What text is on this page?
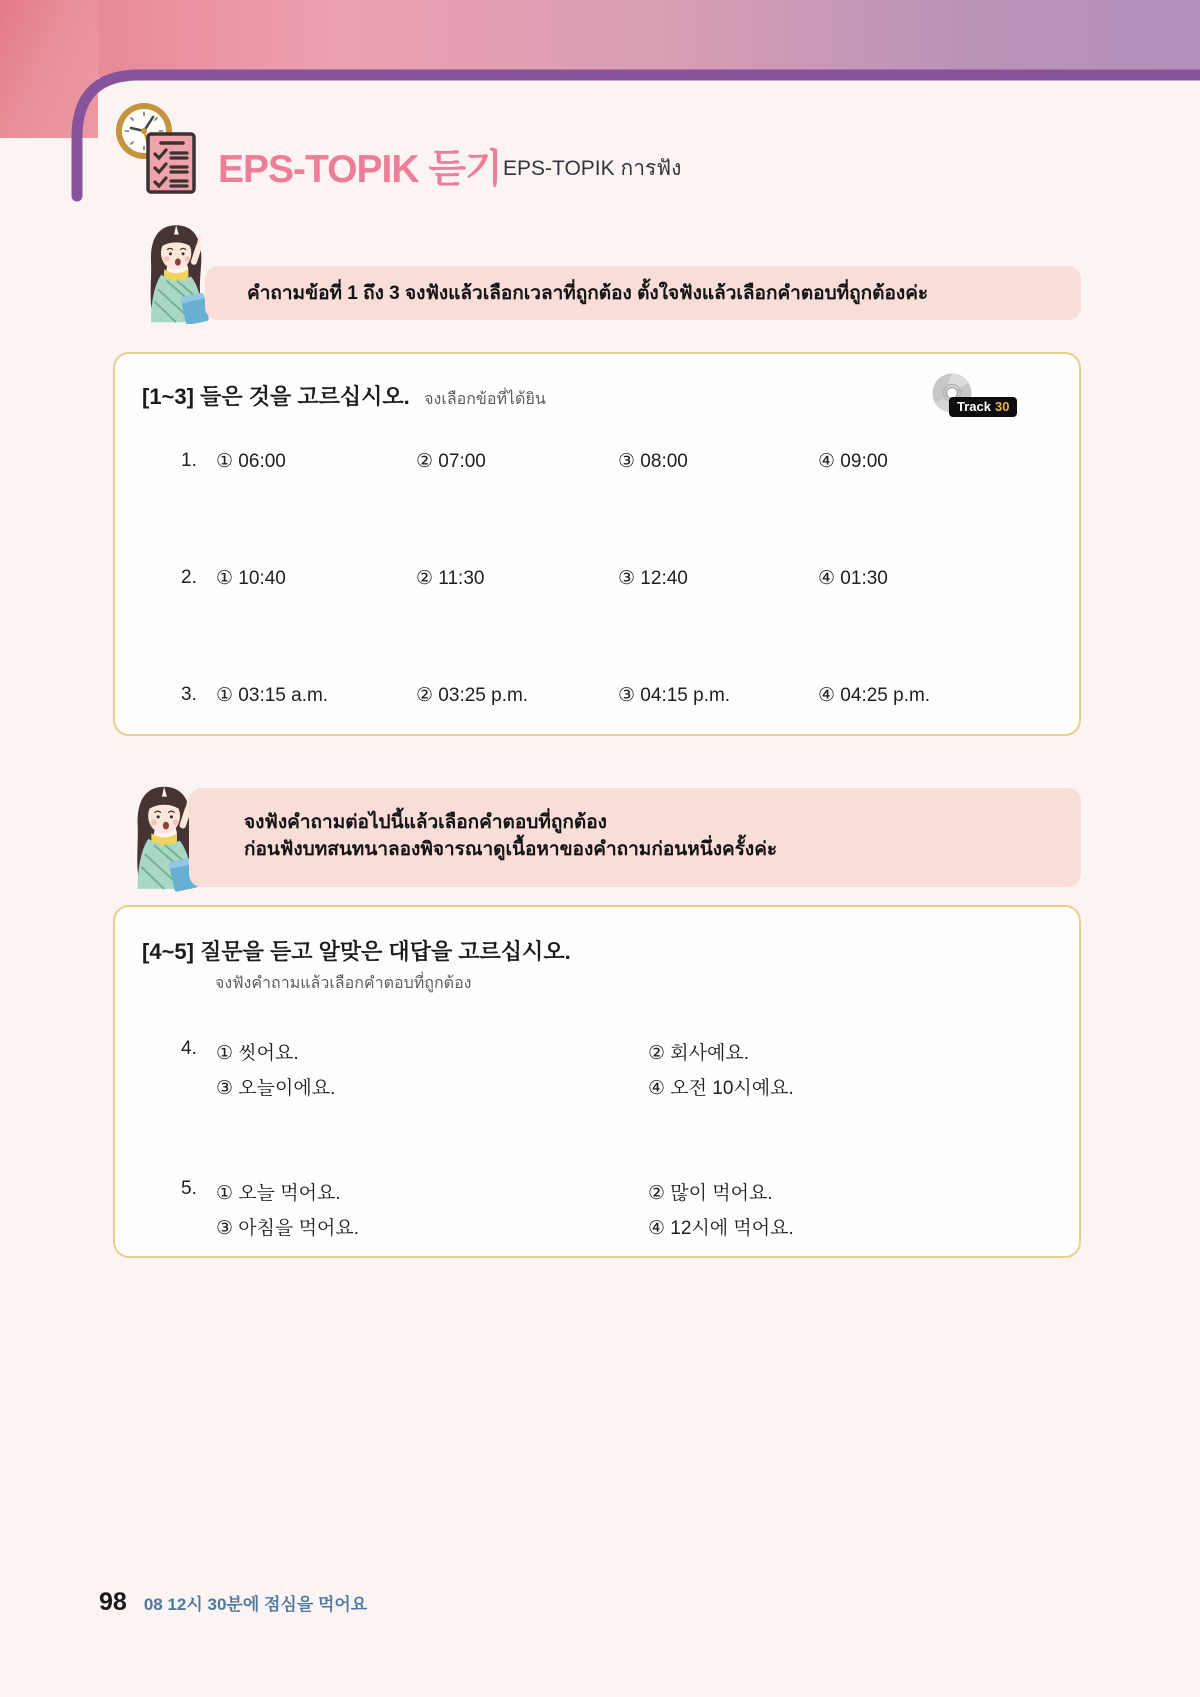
EPS-TOPIK 듣기 EPS-TOPIK การฟัง
คำถามข้อที่ 1 ถึง 3 จงฟังแล้วเลือกเวลาที่ถูกต้อง ตั้งใจฟังแล้วเลือกคำตอบที่ถูกต้องค่ะ
[1~3] 들은 것을 고르십시오. จงเลือกข้อที่ได้ยิน	Track 30
1. ① 06:00	② 07:00	③ 08:00	④ 09:00
2. ① 10:40	② 11:30	③ 12:40	④ 01:30
3. ① 03:15 a.m.	② 03:25 p.m.	③ 04:15 p.m.	④ 04:25 p.m.
จงฟังคำถามต่อไปนี้แล้วเลือกคำตอบที่ถูกต้อง
ก่อนฟังบทสนทนาลองพิจารณาดูเนื้อหาของคำถามก่อนหนึ่งครั้งค่ะ
[4~5] 질문을 듣고 알맞은 대답을 고르십시오.
จงฟังคำถามแล้วเลือกคำตอบที่ถูกต้อง
4. ① 씻어요.	② 회사예요.
③ 오늘이에요.	④ 오전 10시예요.
5. ① 오늘 먹어요.	② 많이 먹어요.
③ 아침을 먹어요.	④ 12시에 먹어요.
98 08 12시 30분에 점심을 먹어요
